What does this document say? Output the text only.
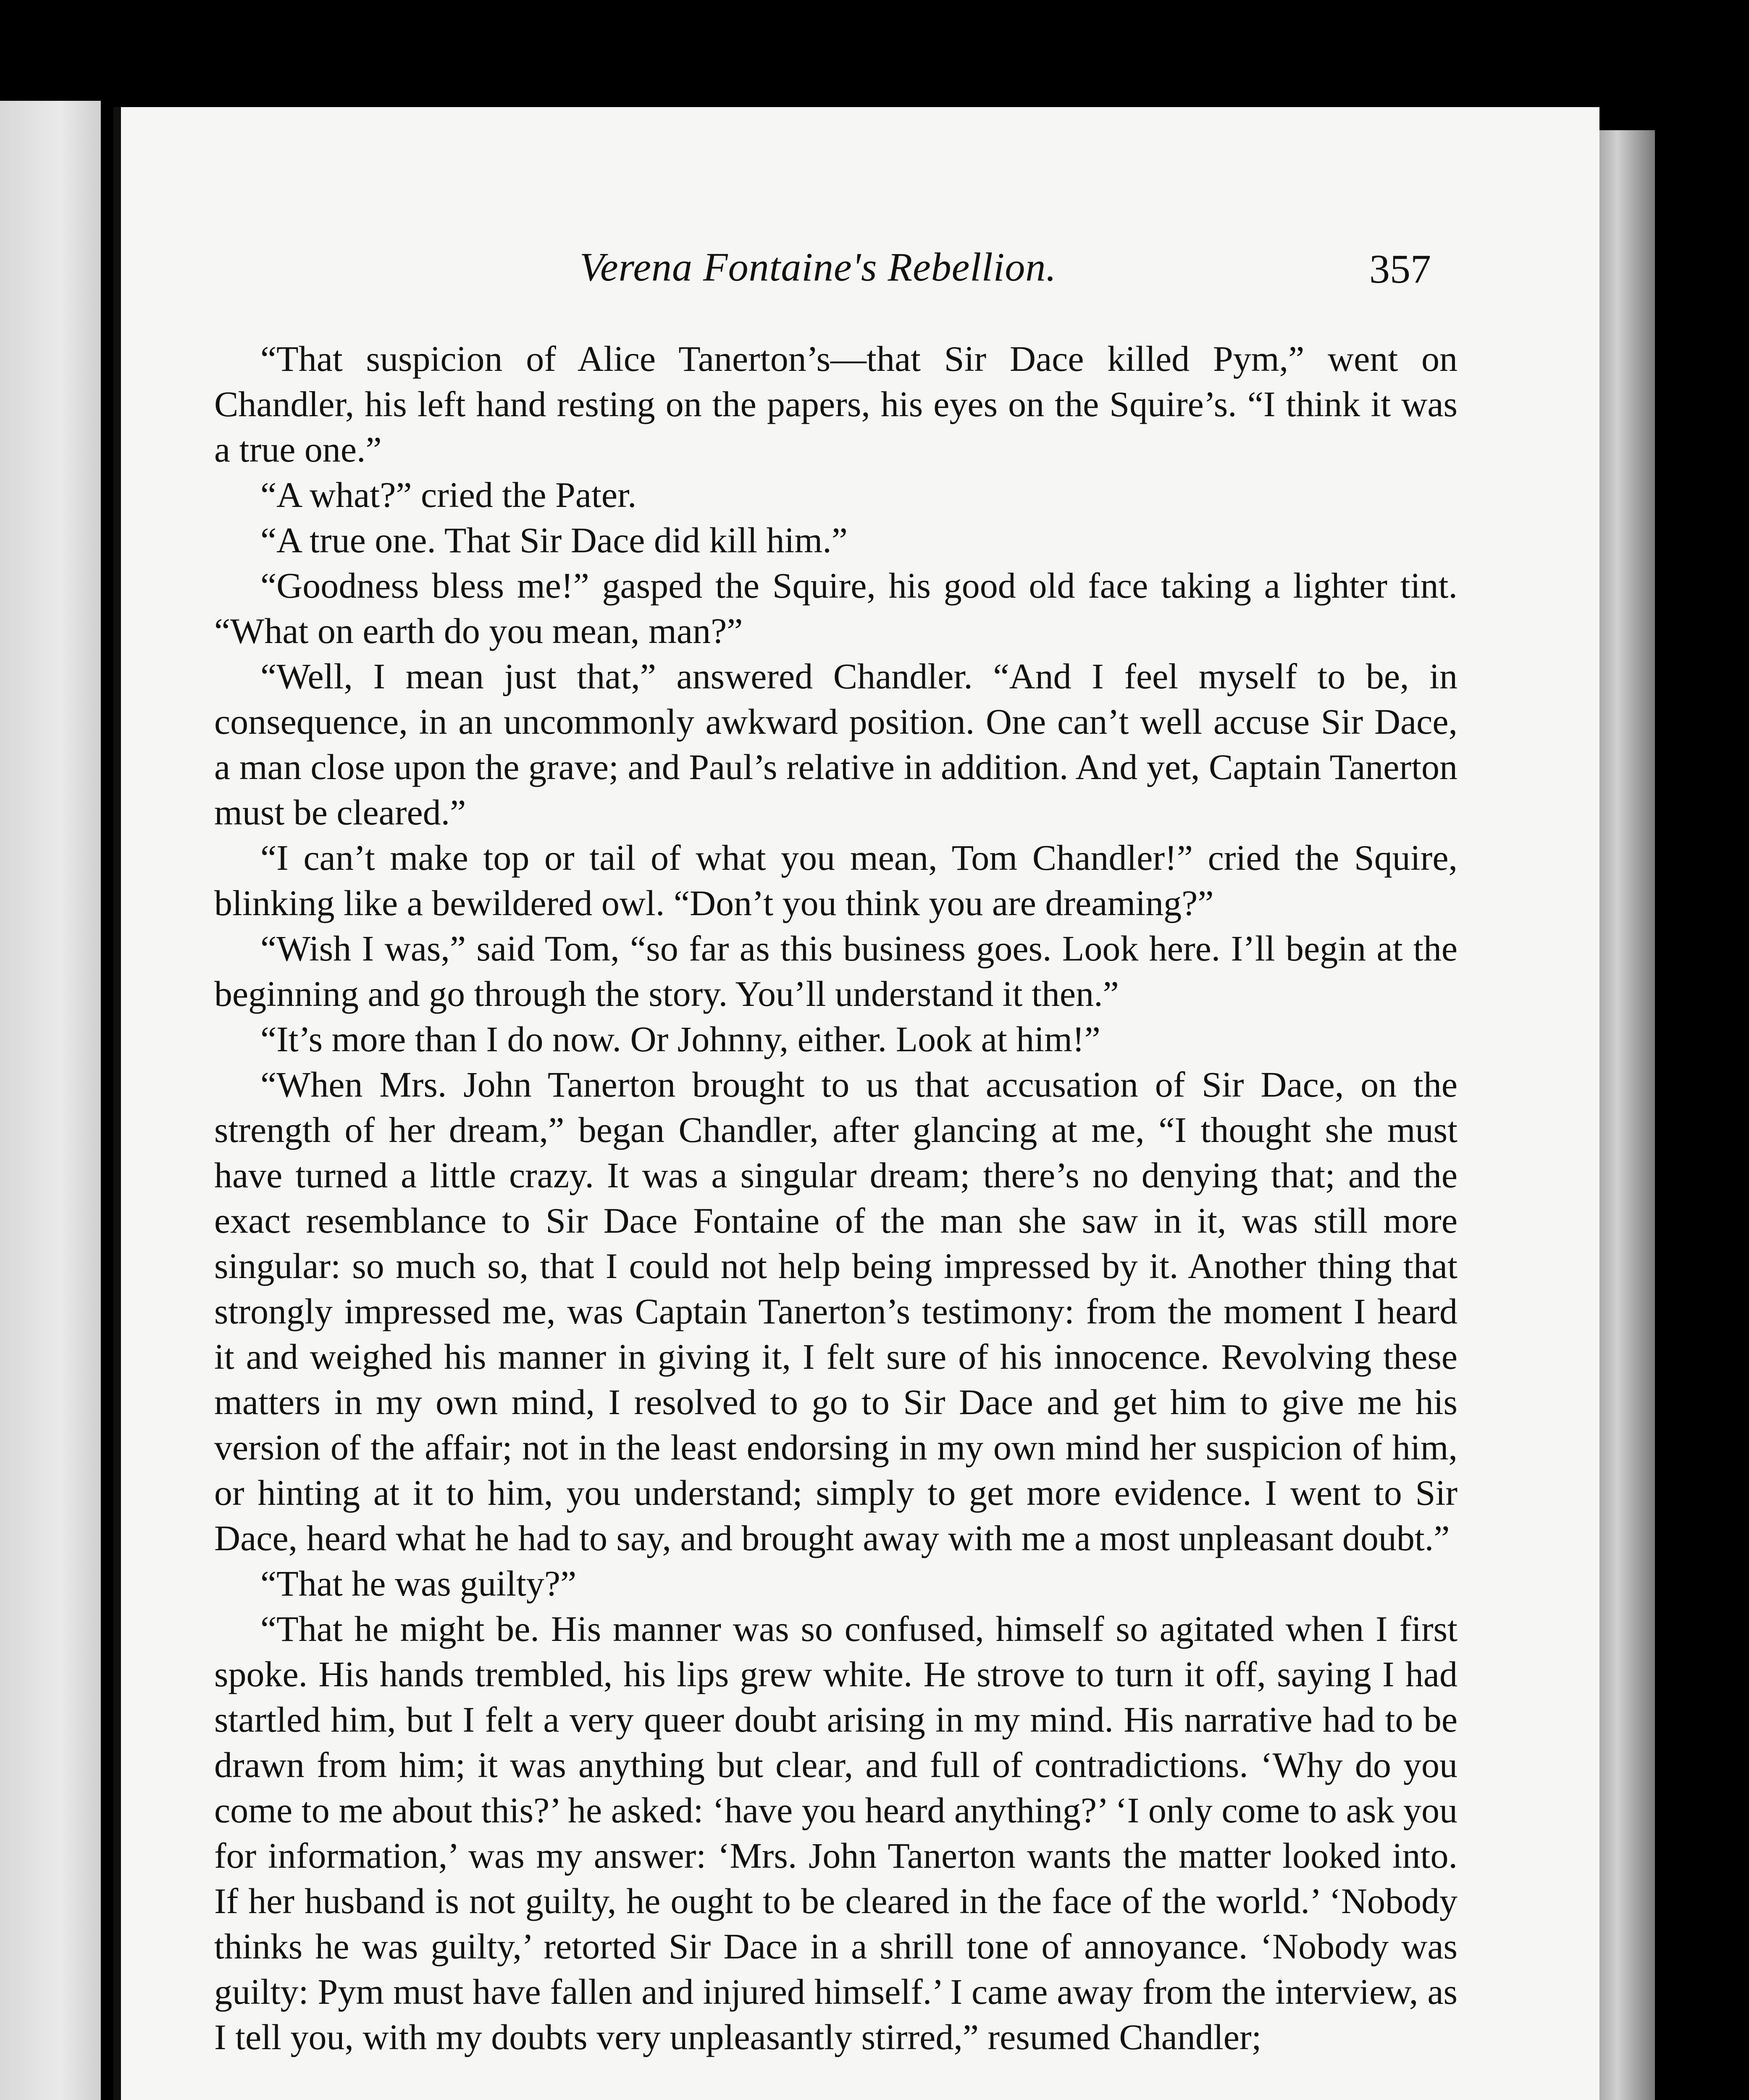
Verena Fontaine's Rebellion.	357

“That suspicion of Alice Tanerton’s—that Sir Dace killed Pym,” went on Chandler, his left hand resting on the papers, his eyes on the Squire’s. “I think it was a true one.”

“A what?” cried the Pater.

“A true one. That Sir Dace did kill him.”

“Goodness bless me!” gasped the Squire, his good old face taking a lighter tint. “What on earth do you mean, man?”

“Well, I mean just that,” answered Chandler. “And I feel myself to be, in consequence, in an uncommonly awkward position. One can’t well accuse Sir Dace, a man close upon the grave; and Paul’s relative in addition. And yet, Captain Tanerton must be cleared.”

“I can’t make top or tail of what you mean, Tom Chandler!” cried the Squire, blinking like a bewildered owl. “Don’t you think you are dreaming?”

“Wish I was,” said Tom, “so far as this business goes. Look here. I’ll begin at the beginning and go through the story. You’ll understand it then.”

“It’s more than I do now. Or Johnny, either. Look at him!”

“When Mrs. John Tanerton brought to us that accusation of Sir Dace, on the strength of her dream,” began Chandler, after glancing at me, “I thought she must have turned a little crazy. It was a singular dream; there’s no denying that; and the exact resemblance to Sir Dace Fontaine of the man she saw in it, was still more singular: so much so, that I could not help being impressed by it. Another thing that strongly impressed me, was Captain Tanerton’s testimony: from the moment I heard it and weighed his manner in giving it, I felt sure of his innocence. Revolving these matters in my own mind, I resolved to go to Sir Dace and get him to give me his version of the affair; not in the least endorsing in my own mind her suspicion of him, or hinting at it to him, you understand; simply to get more evidence. I went to Sir Dace, heard what he had to say, and brought away with me a most unpleasant doubt.”

“That he was guilty?”

“That he might be. His manner was so confused, himself so agitated when I first spoke. His hands trembled, his lips grew white. He strove to turn it off, saying I had startled him, but I felt a very queer doubt arising in my mind. His narrative had to be drawn from him; it was anything but clear, and full of contradictions. ‘Why do you come to me about this?’ he asked: ‘have you heard anything?’ ‘I only come to ask you for information,’ was my answer: ‘Mrs. John Tanerton wants the matter looked into. If her husband is not guilty, he ought to be cleared in the face of the world.’ ‘Nobody thinks he was guilty,’ retorted Sir Dace in a shrill tone of annoyance. ‘Nobody was guilty: Pym must have fallen and injured himself.’ I came away from the interview, as I tell you, with my doubts very unpleasantly stirred,” resumed Chandler;
